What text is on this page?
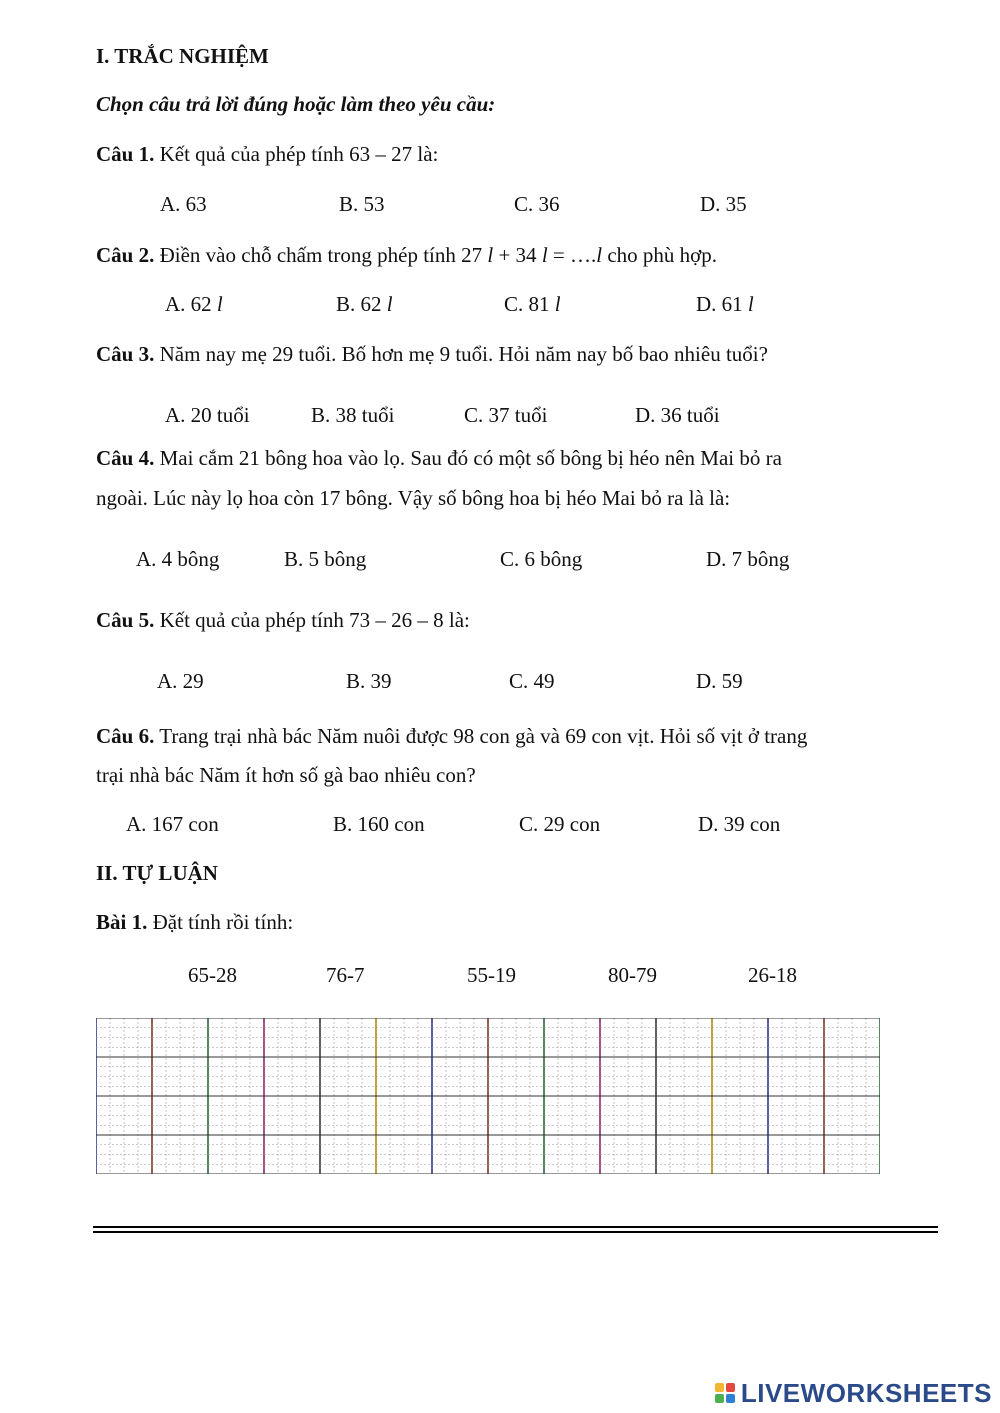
I. TRẮC NGHIỆM
Chọn câu trả lời đúng hoặc làm theo yêu cầu:
Câu 1. Kết quả của phép tính 63 – 27 là:
A. 63	B. 53	C. 36	D. 35
Câu 2. Điền vào chỗ chấm trong phép tính 27 l + 34 l = ….l cho phù hợp.
A. 62 l	B. 62 l	C. 81 l	D. 61 l
Câu 3. Năm nay mẹ 29 tuổi. Bố hơn mẹ 9 tuổi. Hỏi năm nay bố bao nhiêu tuổi?
A. 20 tuổi	B. 38 tuổi	C. 37 tuổi	D. 36 tuổi
Câu 4. Mai cắm 21 bông hoa vào lọ. Sau đó có một số bông bị héo nên Mai bỏ ra
ngoài. Lúc này lọ hoa còn 17 bông. Vậy số bông hoa bị héo Mai bỏ ra là là:
A. 4 bông	B. 5 bông	C. 6 bông	D. 7 bông
Câu 5. Kết quả của phép tính 73 – 26 – 8 là:
A. 29	B. 39	C. 49	D. 59
Câu 6. Trang trại nhà bác Năm nuôi được 98 con gà và 69 con vịt. Hỏi số vịt ở trang
trại nhà bác Năm ít hơn số gà bao nhiêu con?
A. 167 con	B. 160 con	C. 29 con	D. 39 con
II. TỰ LUẬN
Bài 1. Đặt tính rồi tính:
65-28	76-7	55-19	80-79	26-18
LIVEWORKSHEETS
